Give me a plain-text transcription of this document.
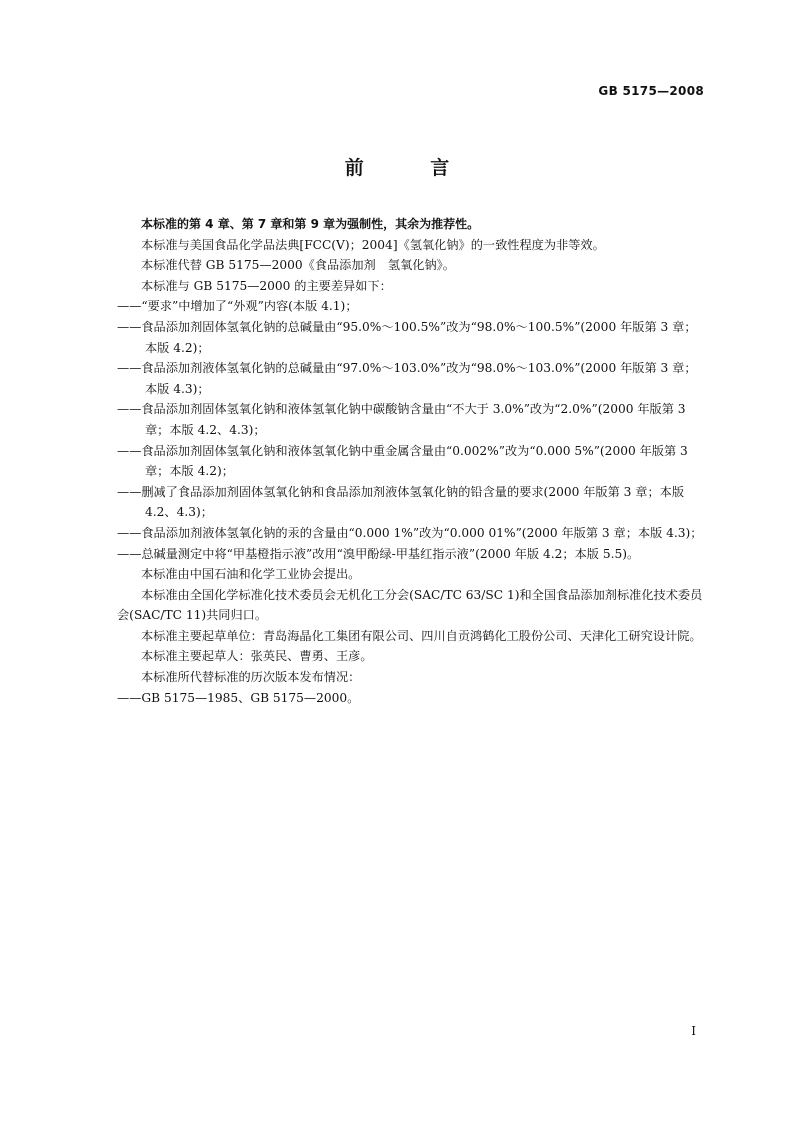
GB 5175—2008
前 言

本标准的第 4 章、第 7 章和第 9 章为强制性，其余为推荐性。

本标准与美国食品化学品法典[FCC(V)；2004]《氢氧化钠》的一致性程度为非等效。

本标准代替 GB 5175—2000《食品添加剂　氢氧化钠》。

本标准与 GB 5175—2000 的主要差异如下：

——“要求”中增加了“外观”内容(本版 4.1)；

——食品添加剂固体氢氧化钠的总碱量由“95.0%～100.5%”改为“98.0%～100.5%”(2000 年版第 3 章；本版 4.2)；

——食品添加剂液体氢氧化钠的总碱量由“97.0%～103.0%”改为“98.0%～103.0%”(2000 年版第 3 章；本版 4.3)；

——食品添加剂固体氢氧化钠和液体氢氧化钠中碳酸钠含量由“不大于 3.0%”改为“2.0%”(2000 年版第 3 章；本版 4.2、4.3)；

——食品添加剂固体氢氧化钠和液体氢氧化钠中重金属含量由“0.002%”改为“0.000 5%”(2000 年版第 3 章；本版 4.2)；

——删减了食品添加剂固体氢氧化钠和食品添加剂液体氢氧化钠的铅含量的要求(2000 年版第 3 章；本版 4.2、4.3)；

——食品添加剂液体氢氧化钠的汞的含量由“0.000 1%”改为“0.000 01%”(2000 年版第 3 章；本版 4.3)；

——总碱量测定中将“甲基橙指示液”改用“溴甲酚绿-甲基红指示液”(2000 年版 4.2；本版 5.5)。

本标准由中国石油和化学工业协会提出。

本标准由全国化学标准化技术委员会无机化工分会(SAC/TC 63/SC 1)和全国食品添加剂标准化技术委员会(SAC/TC 11)共同归口。

本标准主要起草单位：青岛海晶化工集团有限公司、四川自贡鸿鹤化工股份公司、天津化工研究设计院。

本标准主要起草人：张英民、曹勇、王彦。

本标准所代替标准的历次版本发布情况：

——GB 5175—1985、GB 5175—2000。

I
